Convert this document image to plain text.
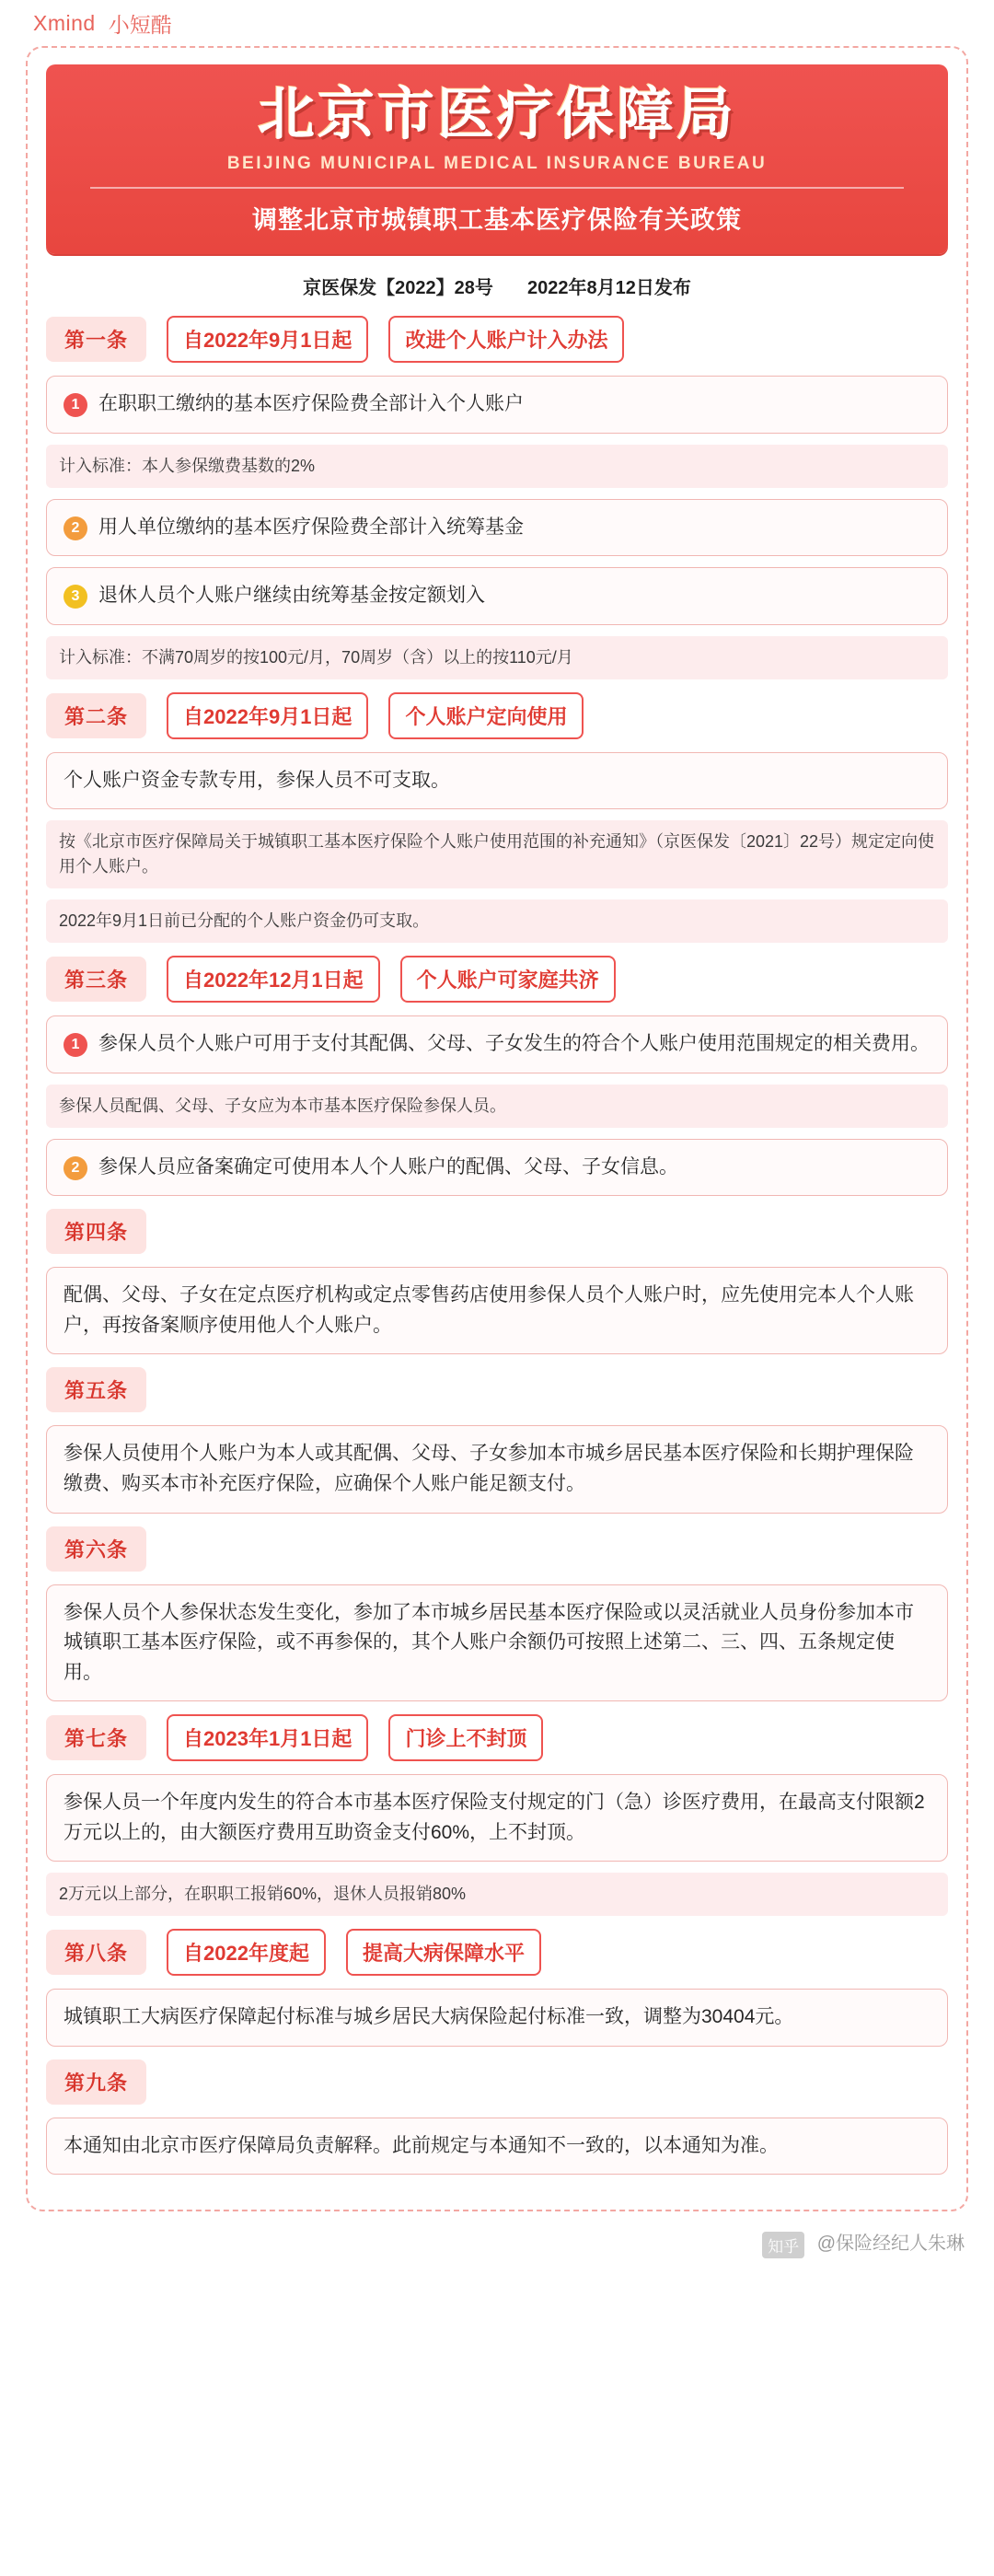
Xmind 小短酷
北京市医疗保障局
BEIJING MUNICIPAL MEDICAL INSURANCE BUREAU
调整北京市城镇职工基本医疗保险有关政策
京医保发【2022】28号 2022年8月12日发布
第一条	自2022年9月1日起	改进个人账户计入办法
1 在职职工缴纳的基本医疗保险费全部计入个人账户
计入标准：本人参保缴费基数的2%
2 用人单位缴纳的基本医疗保险费全部计入统筹基金
3 退休人员个人账户继续由统筹基金按定额划入
计入标准：不满70周岁的按100元/月，70周岁（含）以上的按110元/月
第二条	自2022年9月1日起	个人账户定向使用
个人账户资金专款专用，参保人员不可支取。
按《北京市医疗保障局关于城镇职工基本医疗保险个人账户使用范围的补充通知》（京医保发〔2021〕22号）规定定向使用个人账户。
2022年9月1日前已分配的个人账户资金仍可支取。
第三条	自2022年12月1日起	个人账户可家庭共济
1 参保人员个人账户可用于支付其配偶、父母、子女发生的符合个人账户使用范围规定的相关费用。
参保人员配偶、父母、子女应为本市基本医疗保险参保人员。
2 参保人员应备案确定可使用本人个人账户的配偶、父母、子女信息。
第四条
配偶、父母、子女在定点医疗机构或定点零售药店使用参保人员个人账户时，应先使用完本人个人账户，再按备案顺序使用他人个人账户。
第五条
参保人员使用个人账户为本人或其配偶、父母、子女参加本市城乡居民基本医疗保险和长期护理保险缴费、购买本市补充医疗保险，应确保个人账户能足额支付。
第六条
参保人员个人参保状态发生变化，参加了本市城乡居民基本医疗保险或以灵活就业人员身份参加本市城镇职工基本医疗保险，或不再参保的，其个人账户余额仍可按照上述第二、三、四、五条规定使用。
第七条	自2023年1月1日起	门诊上不封顶
参保人员一个年度内发生的符合本市基本医疗保险支付规定的门（急）诊医疗费用，在最高支付限额2万元以上的，由大额医疗费用互助资金支付60%，上不封顶。
2万元以上部分，在职职工报销60%，退休人员报销80%
第八条	自2022年度起	提高大病保障水平
城镇职工大病医疗保障起付标准与城乡居民大病保险起付标准一致，调整为30404元。
第九条
本通知由北京市医疗保障局负责解释。此前规定与本通知不一致的，以本通知为准。
知乎 @保险经纪人朱琳
